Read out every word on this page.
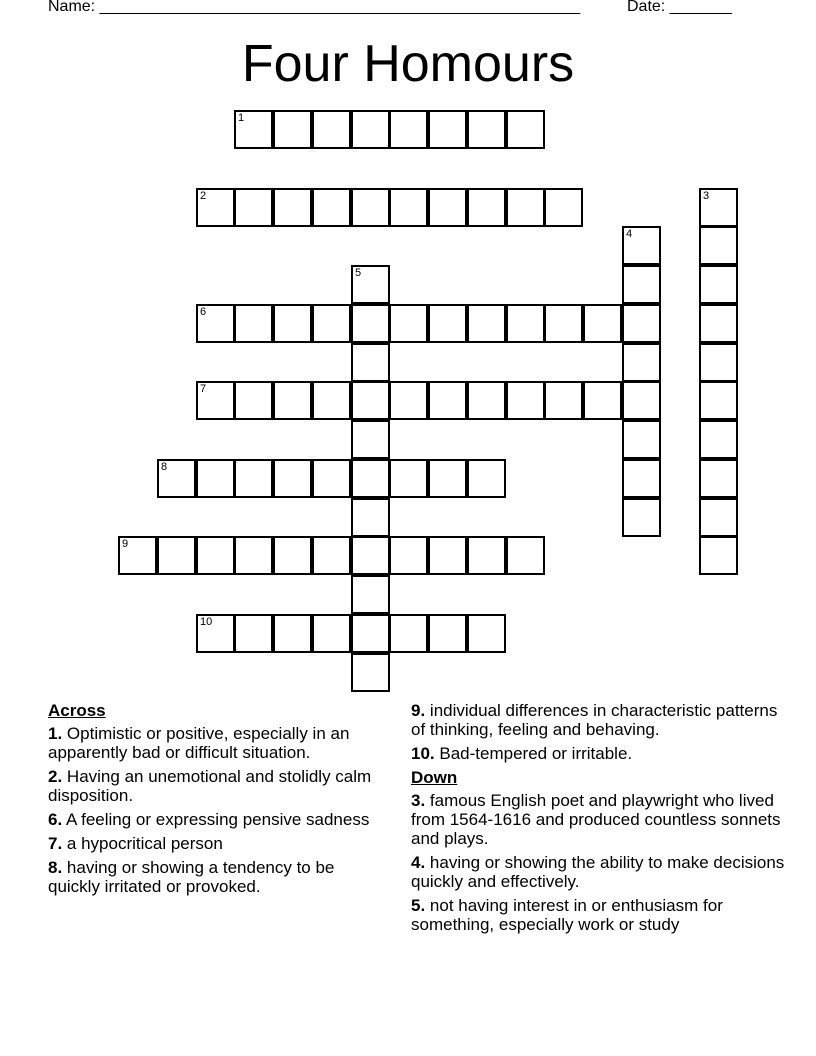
Name: ______________________________________________________	Date: _______
Four Homours
1
2	3
4
5
6
7
8
9
10
Across

1. Optimistic or positive, especially in an apparently bad or difficult situation.

2. Having an unemotional and stolidly calm disposition.

6. A feeling or expressing pensive sadness

7. a hypocritical person

8. having or showing a tendency to be quickly irritated or provoked.

9. individual differences in characteristic patterns of thinking, feeling and behaving.

10. Bad-tempered or irritable.

Down

3. famous English poet and playwright who lived from 1564-1616 and produced countless sonnets and plays.

4. having or showing the ability to make decisions quickly and effectively.

5. not having interest in or enthusiasm for something, especially work or study
